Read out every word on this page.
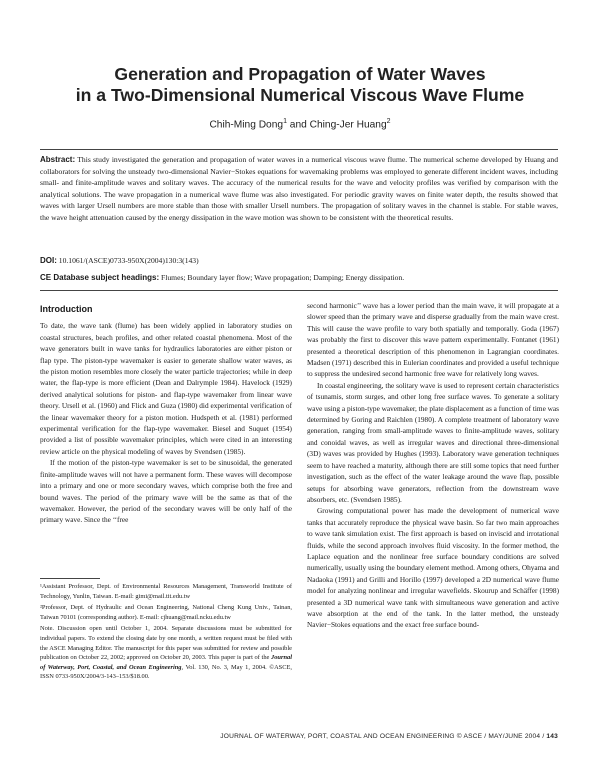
Generation and Propagation of Water Waves
in a Two-Dimensional Numerical Viscous Wave Flume
Chih-Ming Dong$^1$ and Ching-Jer Huang$^2$
Abstract: This study investigated the generation and propagation of water waves in a numerical viscous wave flume. The numerical scheme developed by Huang and collaborators for solving the unsteady two-dimensional Navier−Stokes equations for wavemaking problems was employed to generate different incident waves, including small- and finite-amplitude waves and solitary waves. The accuracy of the numerical results for the wave and velocity profiles was verified by comparison with the analytical solutions. The wave propagation in a numerical wave flume was also investigated. For periodic gravity waves on finite water depth, the results showed that waves with larger Ursell numbers are more stable than those with smaller Ursell numbers. The propagation of solitary waves in the channel is stable. For stable waves, the wave height attenuation caused by the energy dissipation in the wave motion was shown to be consistent with the theoretical results.
DOI: 10.1061/(ASCE)0733-950X(2004)130:3(143)
CE Database subject headings: Flumes; Boundary layer flow; Wave propagation; Damping; Energy dissipation.
Introduction

To date, the wave tank (flume) has been widely applied in laboratory studies on coastal structures, beach profiles, and other related coastal phenomena. Most of the wave generators built in wave tanks for hydraulics laboratories are either piston or flap type. The piston-type wavemaker is easier to generate shallow water waves, as the piston motion resembles more closely the water particle trajectories; while in deep water, the flap-type is more efficient (Dean and Dalrymple 1984). Havelock (1929) derived analytical solutions for piston- and flap-type wavemaker from linear wave theory. Ursell et al. (1960) and Flick and Guza (1980) did experimental verification of the linear wavemaker theory for a piston motion. Hudspeth et al. (1981) performed experimental verification for the flap-type wavemaker. Biesel and Suquet (1954) provided a list of possible wavemaker principles, which were cited in an interesting review article on the physical modeling of waves by Svendsen (1985).

If the motion of the piston-type wavemaker is set to be sinusoidal, the generated finite-amplitude waves will not have a permanent form. These waves will decompose into a primary and one or more secondary waves, which comprise both the free and bound waves. The period of the primary wave will be the same as that of the wavemaker. However, the period of the secondary waves will be only half of the primary wave. Since the ‘‘free

¹Assistant Professor, Dept. of Environmental Resources Management, Transworld Institute of Technology, Yunlin, Taiwan. E-mail: gimi@mail.tit.edu.tw

²Professor, Dept. of Hydraulic and Ocean Engineering, National Cheng Kung Univ., Tainan, Taiwan 70101 (corresponding author). E-mail: cjhuang@mail.ncku.edu.tw

Note. Discussion open until October 1, 2004. Separate discussions must be submitted for individual papers. To extend the closing date by one month, a written request must be filed with the ASCE Managing Editor. The manuscript for this paper was submitted for review and possible publication on October 22, 2002; approved on October 20, 2003. This paper is part of the Journal of Waterway, Port, Coastal, and Ocean Engineering, Vol. 130, No. 3, May 1, 2004. ©ASCE, ISSN 0733-950X/2004/3-143–153/$18.00.

second harmonic’’ wave has a lower period than the main wave, it will propagate at a slower speed than the primary wave and disperse gradually from the main wave crest. This will cause the wave profile to vary both spatially and temporally. Goda (1967) was probably the first to discover this wave pattern experimentally. Fontanet (1961) presented a theoretical description of this phenomenon in Lagrangian coordinates. Madsen (1971) described this in Eulerian coordinates and provided a useful technique to suppress the undesired second harmonic free wave for relatively long waves.

In coastal engineering, the solitary wave is used to represent certain characteristics of tsunamis, storm surges, and other long free surface waves. To generate a solitary wave using a piston-type wavemaker, the plate displacement as a function of time was determined by Goring and Raichlen (1980). A complete treatment of laboratory wave generation, ranging from small-amplitude waves to finite-amplitude waves, solitary and conoidal waves, as well as irregular waves and directional three-dimensional (3D) waves was provided by Hughes (1993). Laboratory wave generation techniques seem to have reached a maturity, although there are still some topics that need further investigation, such as the effect of the water leakage around the wave flap, possible setups for absorbing wave generators, reflection from the downstream wave absorbers, etc. (Svendsen 1985).

Growing computational power has made the development of numerical wave tanks that accurately reproduce the physical wave basin. So far two main approaches to wave tank simulation exist. The first approach is based on inviscid and irrotational fluids, while the second approach involves fluid viscosity. In the former method, the Laplace equation and the nonlinear free surface boundary conditions are solved numerically, usually using the boundary element method. Among others, Ohyama and Nadaoka (1991) and Grilli and Horillo (1997) developed a 2D numerical wave flume model for analyzing nonlinear and irregular wavefields. Skourup and Schäffer (1998) presented a 3D numerical wave tank with simultaneous wave generation and active wave absorption at the end of the tank. In the latter method, the unsteady Navier−Stokes equations and the exact free surface bound-

JOURNAL OF WATERWAY, PORT, COASTAL AND OCEAN ENGINEERING © ASCE / MAY/JUNE 2004 / 143
